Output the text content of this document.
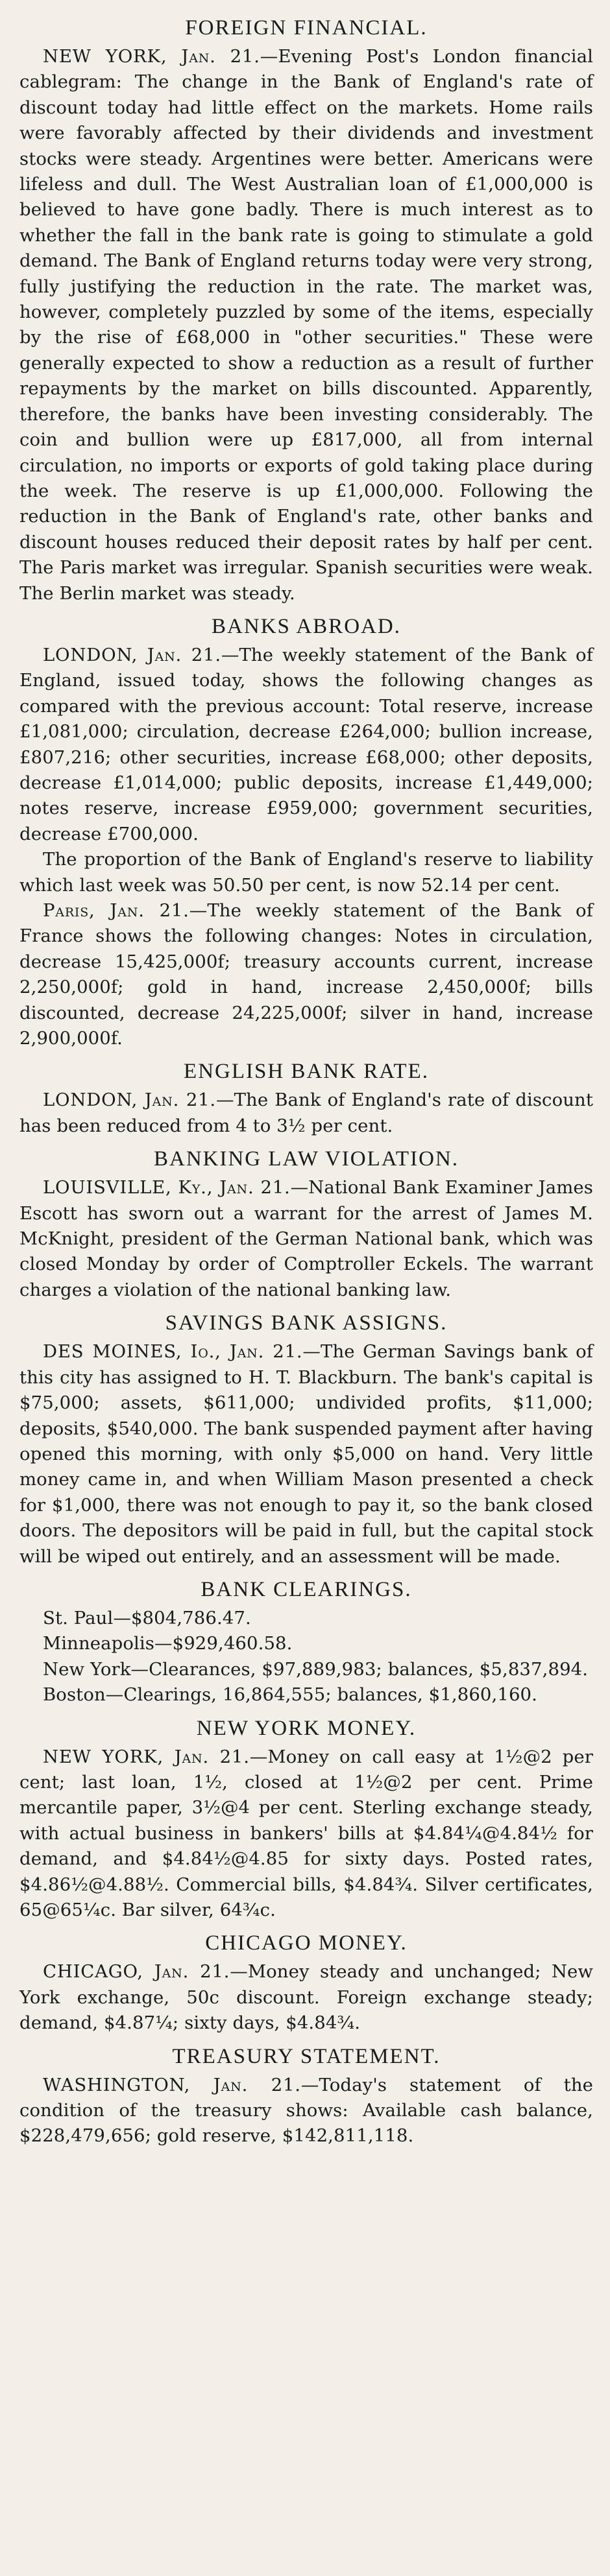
FOREIGN FINANCIAL.

NEW YORK, Jan. 21.—Evening Post's London financial cablegram: The change in the Bank of England's rate of discount today had little effect on the markets. Home rails were favorably affected by their dividends and investment stocks were steady. Argentines were better. Americans were lifeless and dull. The West Australian loan of £1,000,000 is believed to have gone badly. There is much interest as to whether the fall in the bank rate is going to stimulate a gold demand. The Bank of England returns today were very strong, fully justifying the reduction in the rate. The market was, however, completely puzzled by some of the items, especially by the rise of £68,000 in "other securities." These were generally expected to show a reduction as a result of further repayments by the market on bills discounted. Apparently, therefore, the banks have been investing considerably. The coin and bullion were up £817,000, all from internal circulation, no imports or exports of gold taking place during the week. The reserve is up £1,000,000. Following the reduction in the Bank of England's rate, other banks and discount houses reduced their deposit rates by half per cent. The Paris market was irregular. Spanish securities were weak. The Berlin market was steady.

BANKS ABROAD.

LONDON, Jan. 21.—The weekly statement of the Bank of England, issued today, shows the following changes as compared with the previous account: Total reserve, increase £1,081,000; circulation, decrease £264,000; bullion increase, £807,216; other securities, increase £68,000; other deposits, decrease £1,014,000; public deposits, increase £1,449,000; notes reserve, increase £959,000; government securities, decrease £700,000.

The proportion of the Bank of England's reserve to liability which last week was 50.50 per cent, is now 52.14 per cent.

Paris, Jan. 21.—The weekly statement of the Bank of France shows the following changes: Notes in circulation, decrease 15,425,000f; treasury accounts current, increase 2,250,000f; gold in hand, increase 2,450,000f; bills discounted, decrease 24,225,000f; silver in hand, increase 2,900,000f.

ENGLISH BANK RATE.

LONDON, Jan. 21.—The Bank of England's rate of discount has been reduced from 4 to 3½ per cent.

BANKING LAW VIOLATION.

LOUISVILLE, Ky., Jan. 21.—National Bank Examiner James Escott has sworn out a warrant for the arrest of James M. McKnight, president of the German National bank, which was closed Monday by order of Comptroller Eckels. The warrant charges a violation of the national banking law.

SAVINGS BANK ASSIGNS.

DES MOINES, Io., Jan. 21.—The German Savings bank of this city has assigned to H. T. Blackburn. The bank's capital is $75,000; assets, $611,000; undivided profits, $11,000; deposits, $540,000. The bank suspended payment after having opened this morning, with only $5,000 on hand. Very little money came in, and when William Mason presented a check for $1,000, there was not enough to pay it, so the bank closed doors. The depositors will be paid in full, but the capital stock will be wiped out entirely, and an assessment will be made.

BANK CLEARINGS.

St. Paul—$804,786.47.

Minneapolis—$929,460.58.

New York—Clearances, $97,889,983; balances, $5,837,894.

Boston—Clearings, 16,864,555; balances, $1,860,160.

NEW YORK MONEY.

NEW YORK, Jan. 21.—Money on call easy at 1½@2 per cent; last loan, 1½, closed at 1½@2 per cent. Prime mercantile paper, 3½@4 per cent. Sterling exchange steady, with actual business in bankers' bills at $4.84¼@4.84½ for demand, and $4.84½@4.85 for sixty days. Posted rates, $4.86½@4.88½. Commercial bills, $4.84¾. Silver certificates, 65@65¼c. Bar silver, 64¾c.

CHICAGO MONEY.

CHICAGO, Jan. 21.—Money steady and unchanged; New York exchange, 50c discount. Foreign exchange steady; demand, $4.87¼; sixty days, $4.84¾.

TREASURY STATEMENT.

WASHINGTON, Jan. 21.—Today's statement of the condition of the treasury shows: Available cash balance, $228,479,656; gold reserve, $142,811,118.
